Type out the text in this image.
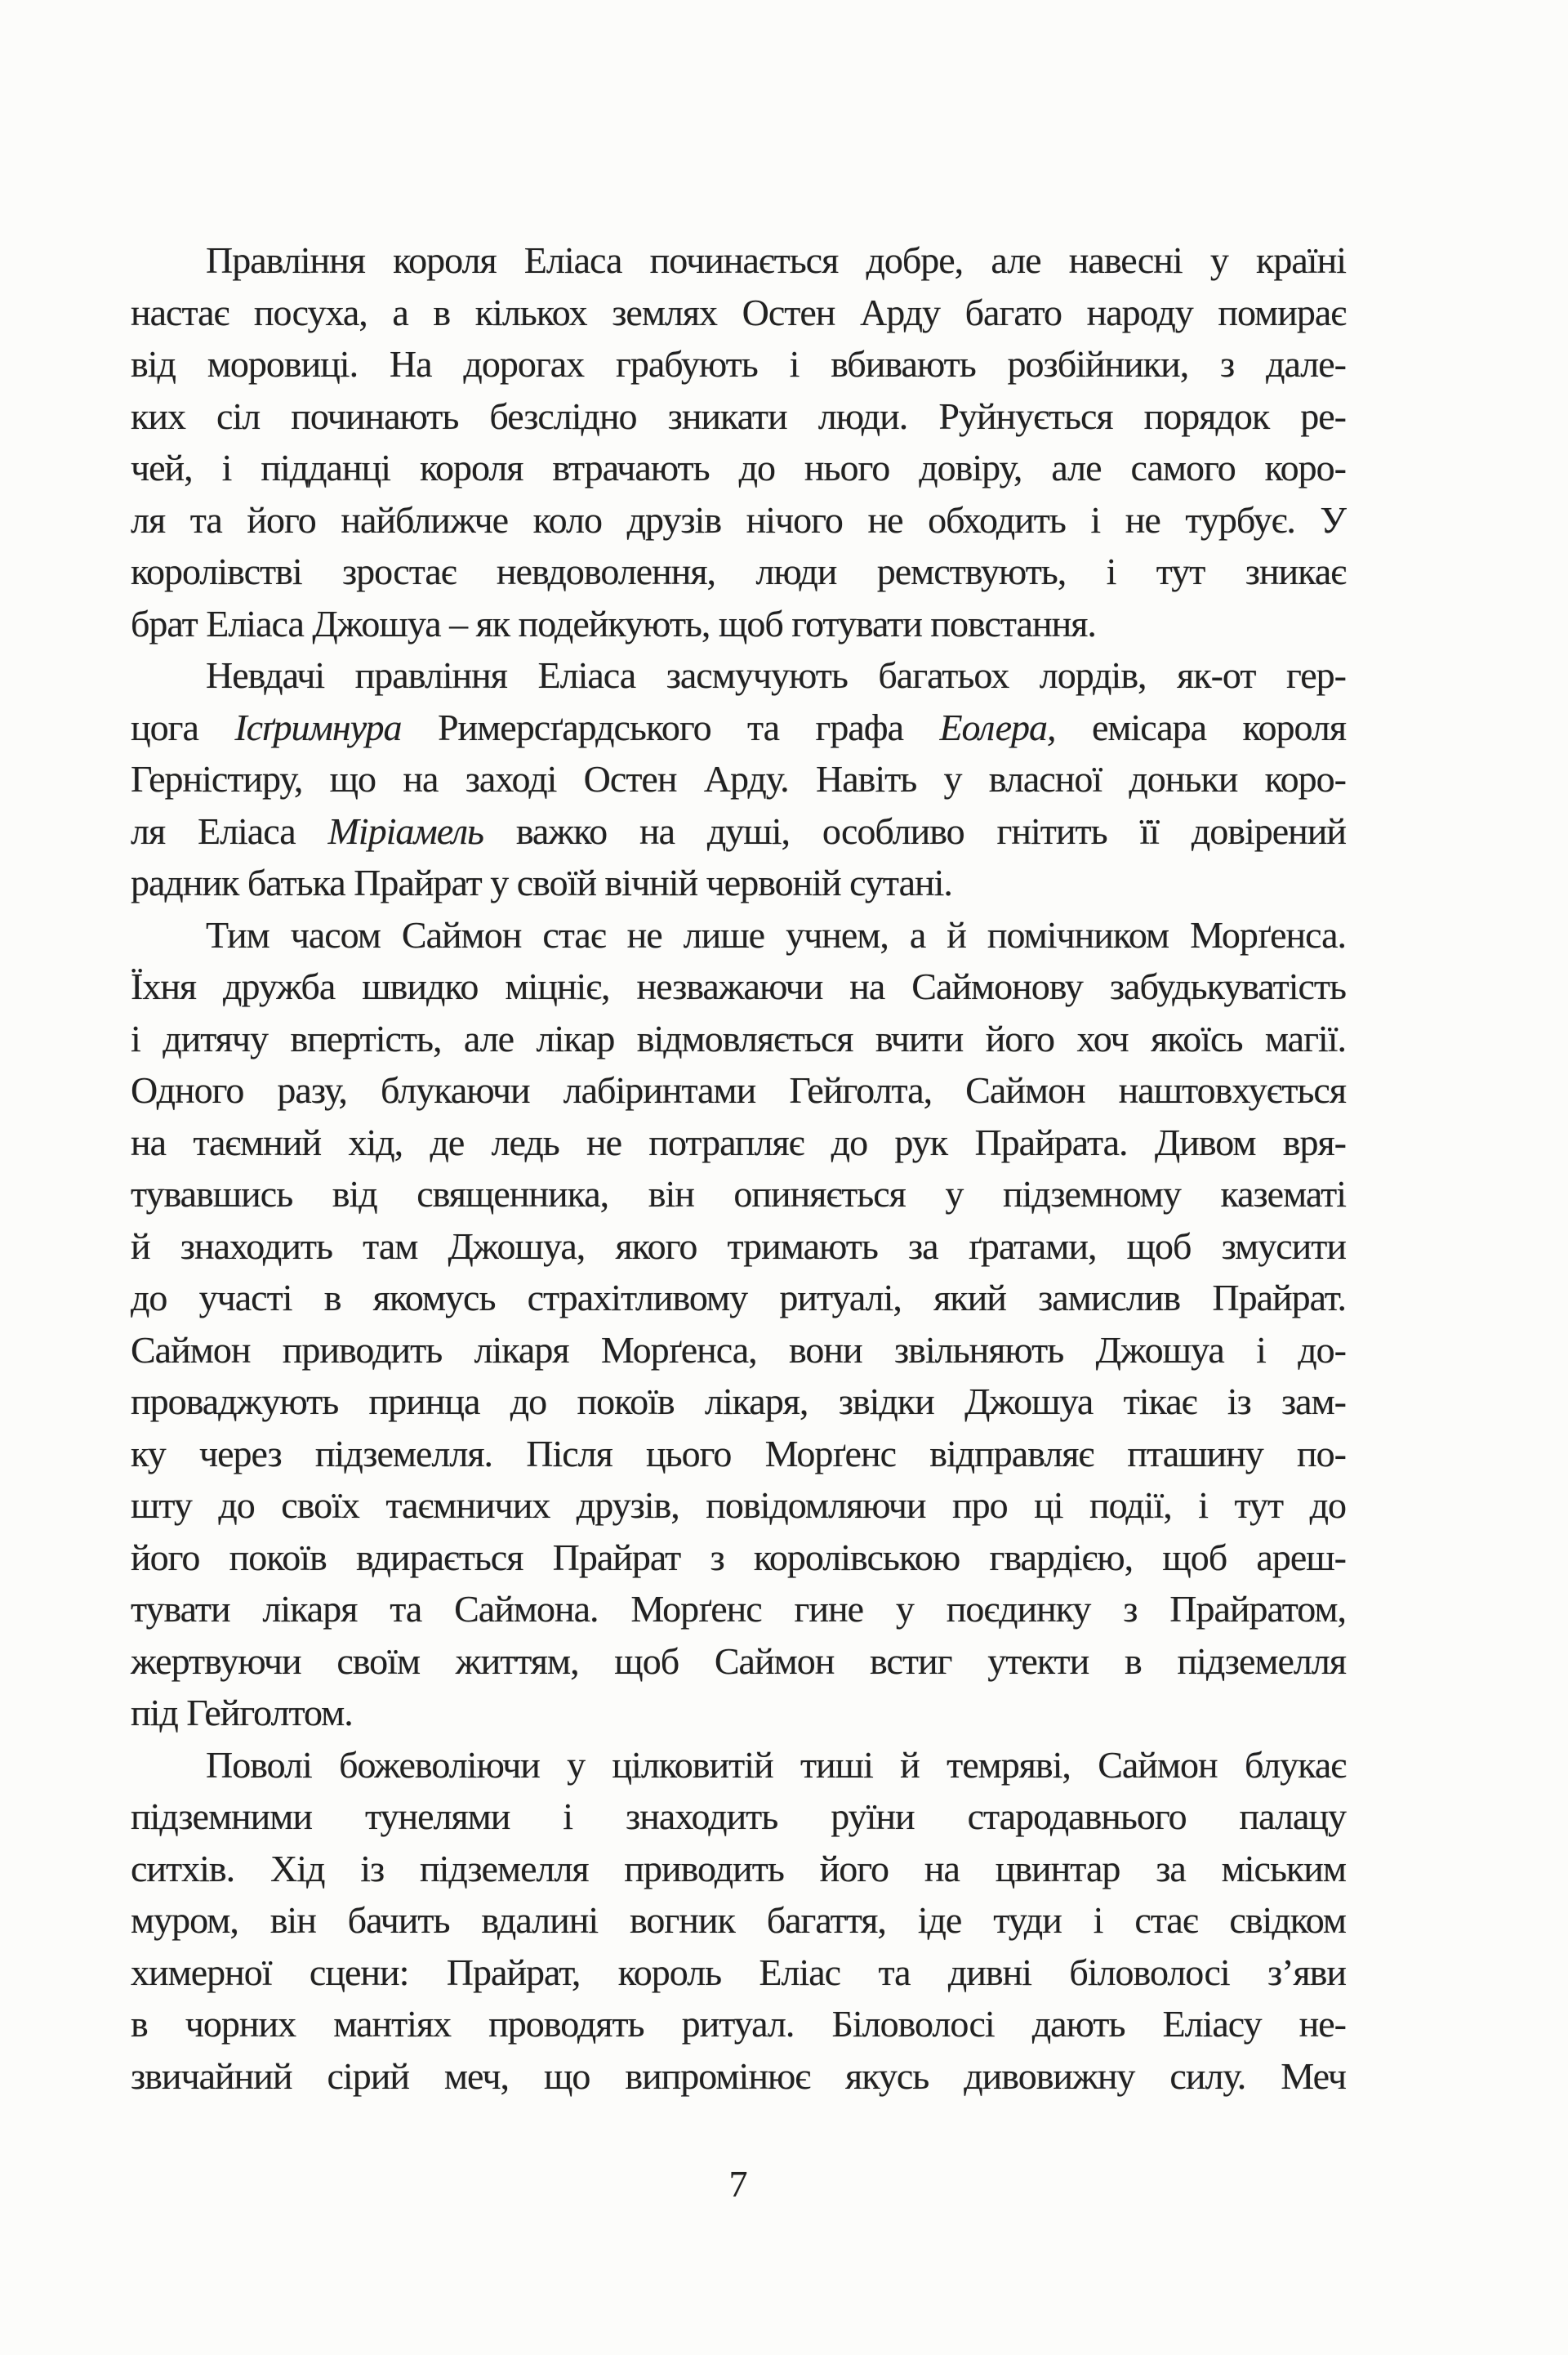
Правління короля Еліаса починається добре, але навесні у країні
настає посуха, а в кількох землях Остен Арду багато народу помирає
від моровиці. На дорогах грабують і вбивають розбійники, з дале-
ких сіл починають безслідно зникати люди. Руйнується порядок ре-
чей, і підданці короля втрачають до нього довіру, але самого коро-
ля та його найближче коло друзів нічого не обходить і не турбує. У
королівстві зростає невдоволення, люди ремствують, і тут зникає
брат Еліаса Джошуа – як подейкують, щоб готувати повстання.
Невдачі правління Еліаса засмучують багатьох лордів, як-от гер-
цога Ісґримнура Римерсґардського та графа Еолера, емісара короля
Герністиру, що на заході Остен Арду. Навіть у власної доньки коро-
ля Еліаса Міріамель важко на душі, особливо гнітить її довірений
радник батька Прайрат у своїй вічній червоній сутані.
Тим часом Саймон стає не лише учнем, а й помічником Морґенса.
Їхня дружба швидко міцніє, незважаючи на Саймонову забудькуватість
і дитячу впертість, але лікар відмовляється вчити його хоч якоїсь магії.
Одного разу, блукаючи лабіринтами Гейголта, Саймон наштовхується
на таємний хід, де ледь не потрапляє до рук Прайрата. Дивом вря-
тувавшись від священника, він опиняється у підземному казематі
й знаходить там Джошуа, якого тримають за ґратами, щоб змусити
до участі в якомусь страхітливому ритуалі, який замислив Прайрат.
Саймон приводить лікаря Морґенса, вони звільняють Джошуа і до-
проваджують принца до покоїв лікаря, звідки Джошуа тікає із зам-
ку через підземелля. Після цього Морґенс відправляє пташину по-
шту до своїх таємничих друзів, повідомляючи про ці події, і тут до
його покоїв вдирається Прайрат з королівською гвардією, щоб ареш-
тувати лікаря та Саймона. Морґенс гине у поєдинку з Прайратом,
жертвуючи своїм життям, щоб Саймон встиг утекти в підземелля
під Гейголтом.
Поволі божеволіючи у цілковитій тиші й темряві, Саймон блукає
підземними тунелями і знаходить руїни стародавнього палацу
ситхів. Хід із підземелля приводить його на цвинтар за міським
муром, він бачить вдалині вогник багаття, іде туди і стає свідком
химерної сцени: Прайрат, король Еліас та дивні біловолосі з’яви
в чорних мантіях проводять ритуал. Біловолосі дають Еліасу не-
звичайний сірий меч, що випромінює якусь дивовижну силу. Меч
7
